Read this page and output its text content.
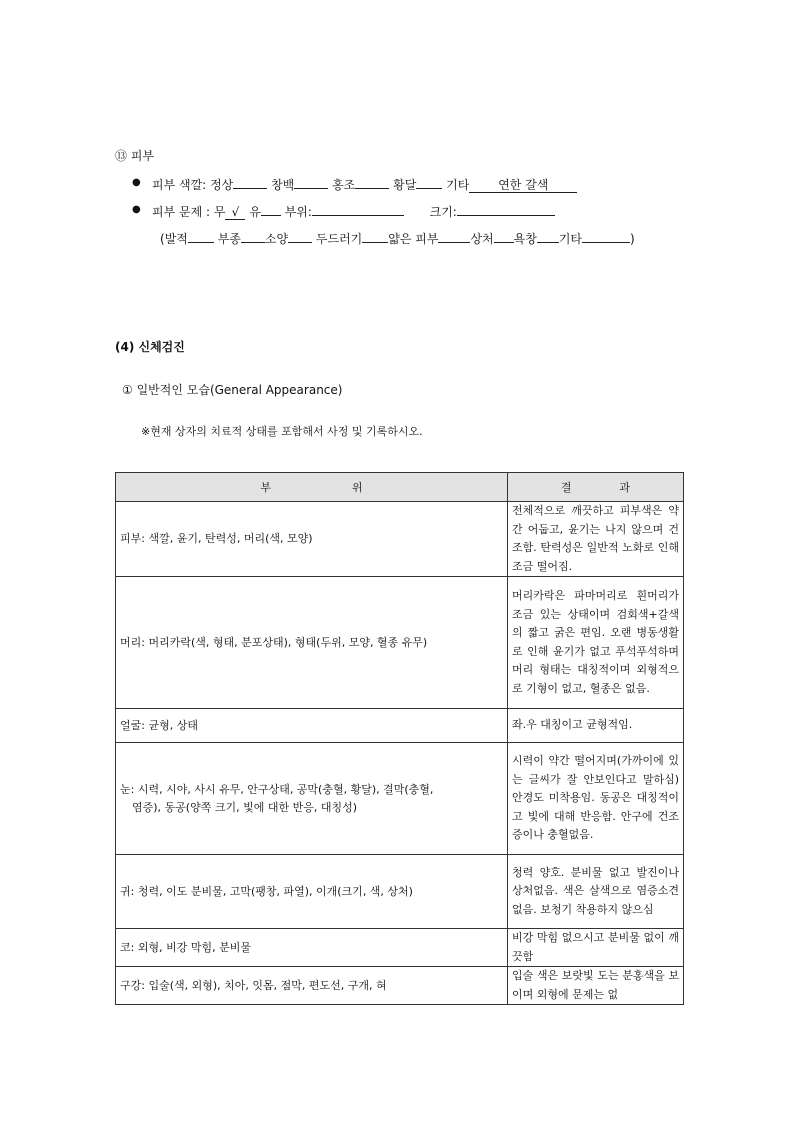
⑬ 피부
● 피부 색깔: 정상	창백	홍조	황달 기타 연한 갈색
● 피부 문제 : 무 √ 유 부위:	크기:
(발적 부종 소양 두드러기 얇은 피부	상처 욕창 기타	)
(4) 신체검진
① 일반적인 모습(General Appearance)
※현재 상자의 치료적 상태를 포함해서 사정 및 기록하시오.
부 위	결 과

피부: 색깔, 윤기, 탄력성, 머리(색, 모양)	전체적으로 깨끗하고 피부색은 약간 어둡고, 윤기는 나지 않으며 건조함. 탄력성은 일반적 노화로 인해 조금 떨어짐.
머리: 머리카락(색, 형태, 분포상태), 형태(두위, 모양, 혈종 유무)	머리카락은 파마머리로 흰머리가 조금 있는 상태이며 검회색+갈색의 짧고 굵은 편임. 오랜 병동생활로 인해 윤기가 없고 푸석푸석하며 머리 형태는 대칭적이며 외형적으로 기형이 없고, 혈종은 없음.
얼굴: 균형, 상태	좌.우 대칭이고 균형적임.
눈: 시력, 시야, 사시 유무, 안구상태, 공막(충혈, 황달), 결막(충혈,
염증), 동공(양쪽 크기, 빛에 대한 반응, 대칭성)	시력이 약간 떨어지며(가까이에 있는 글씨가 잘 안보인다고 말하심) 안경도 미착용임. 동공은 대칭적이고 빛에 대해 반응함. 안구에 건조증이나 충혈없음.
귀: 청력, 이도 분비물, 고막(팽창, 파열), 이개(크기, 색, 상처)	청력 양호. 분비물 없고 발진이나 상처없음. 색은 살색으로 염증소견 없음. 보청기 착용하지 않으심
코: 외형, 비강 막힘, 분비물	비강 막힘 없으시고 분비물 없이 깨끗함
구강: 입술(색, 외형), 치아, 잇몸, 점막, 편도선, 구개, 혀	입술 색은 보랏빛 도는 분홍색을 보이며 외형에 문제는 없
